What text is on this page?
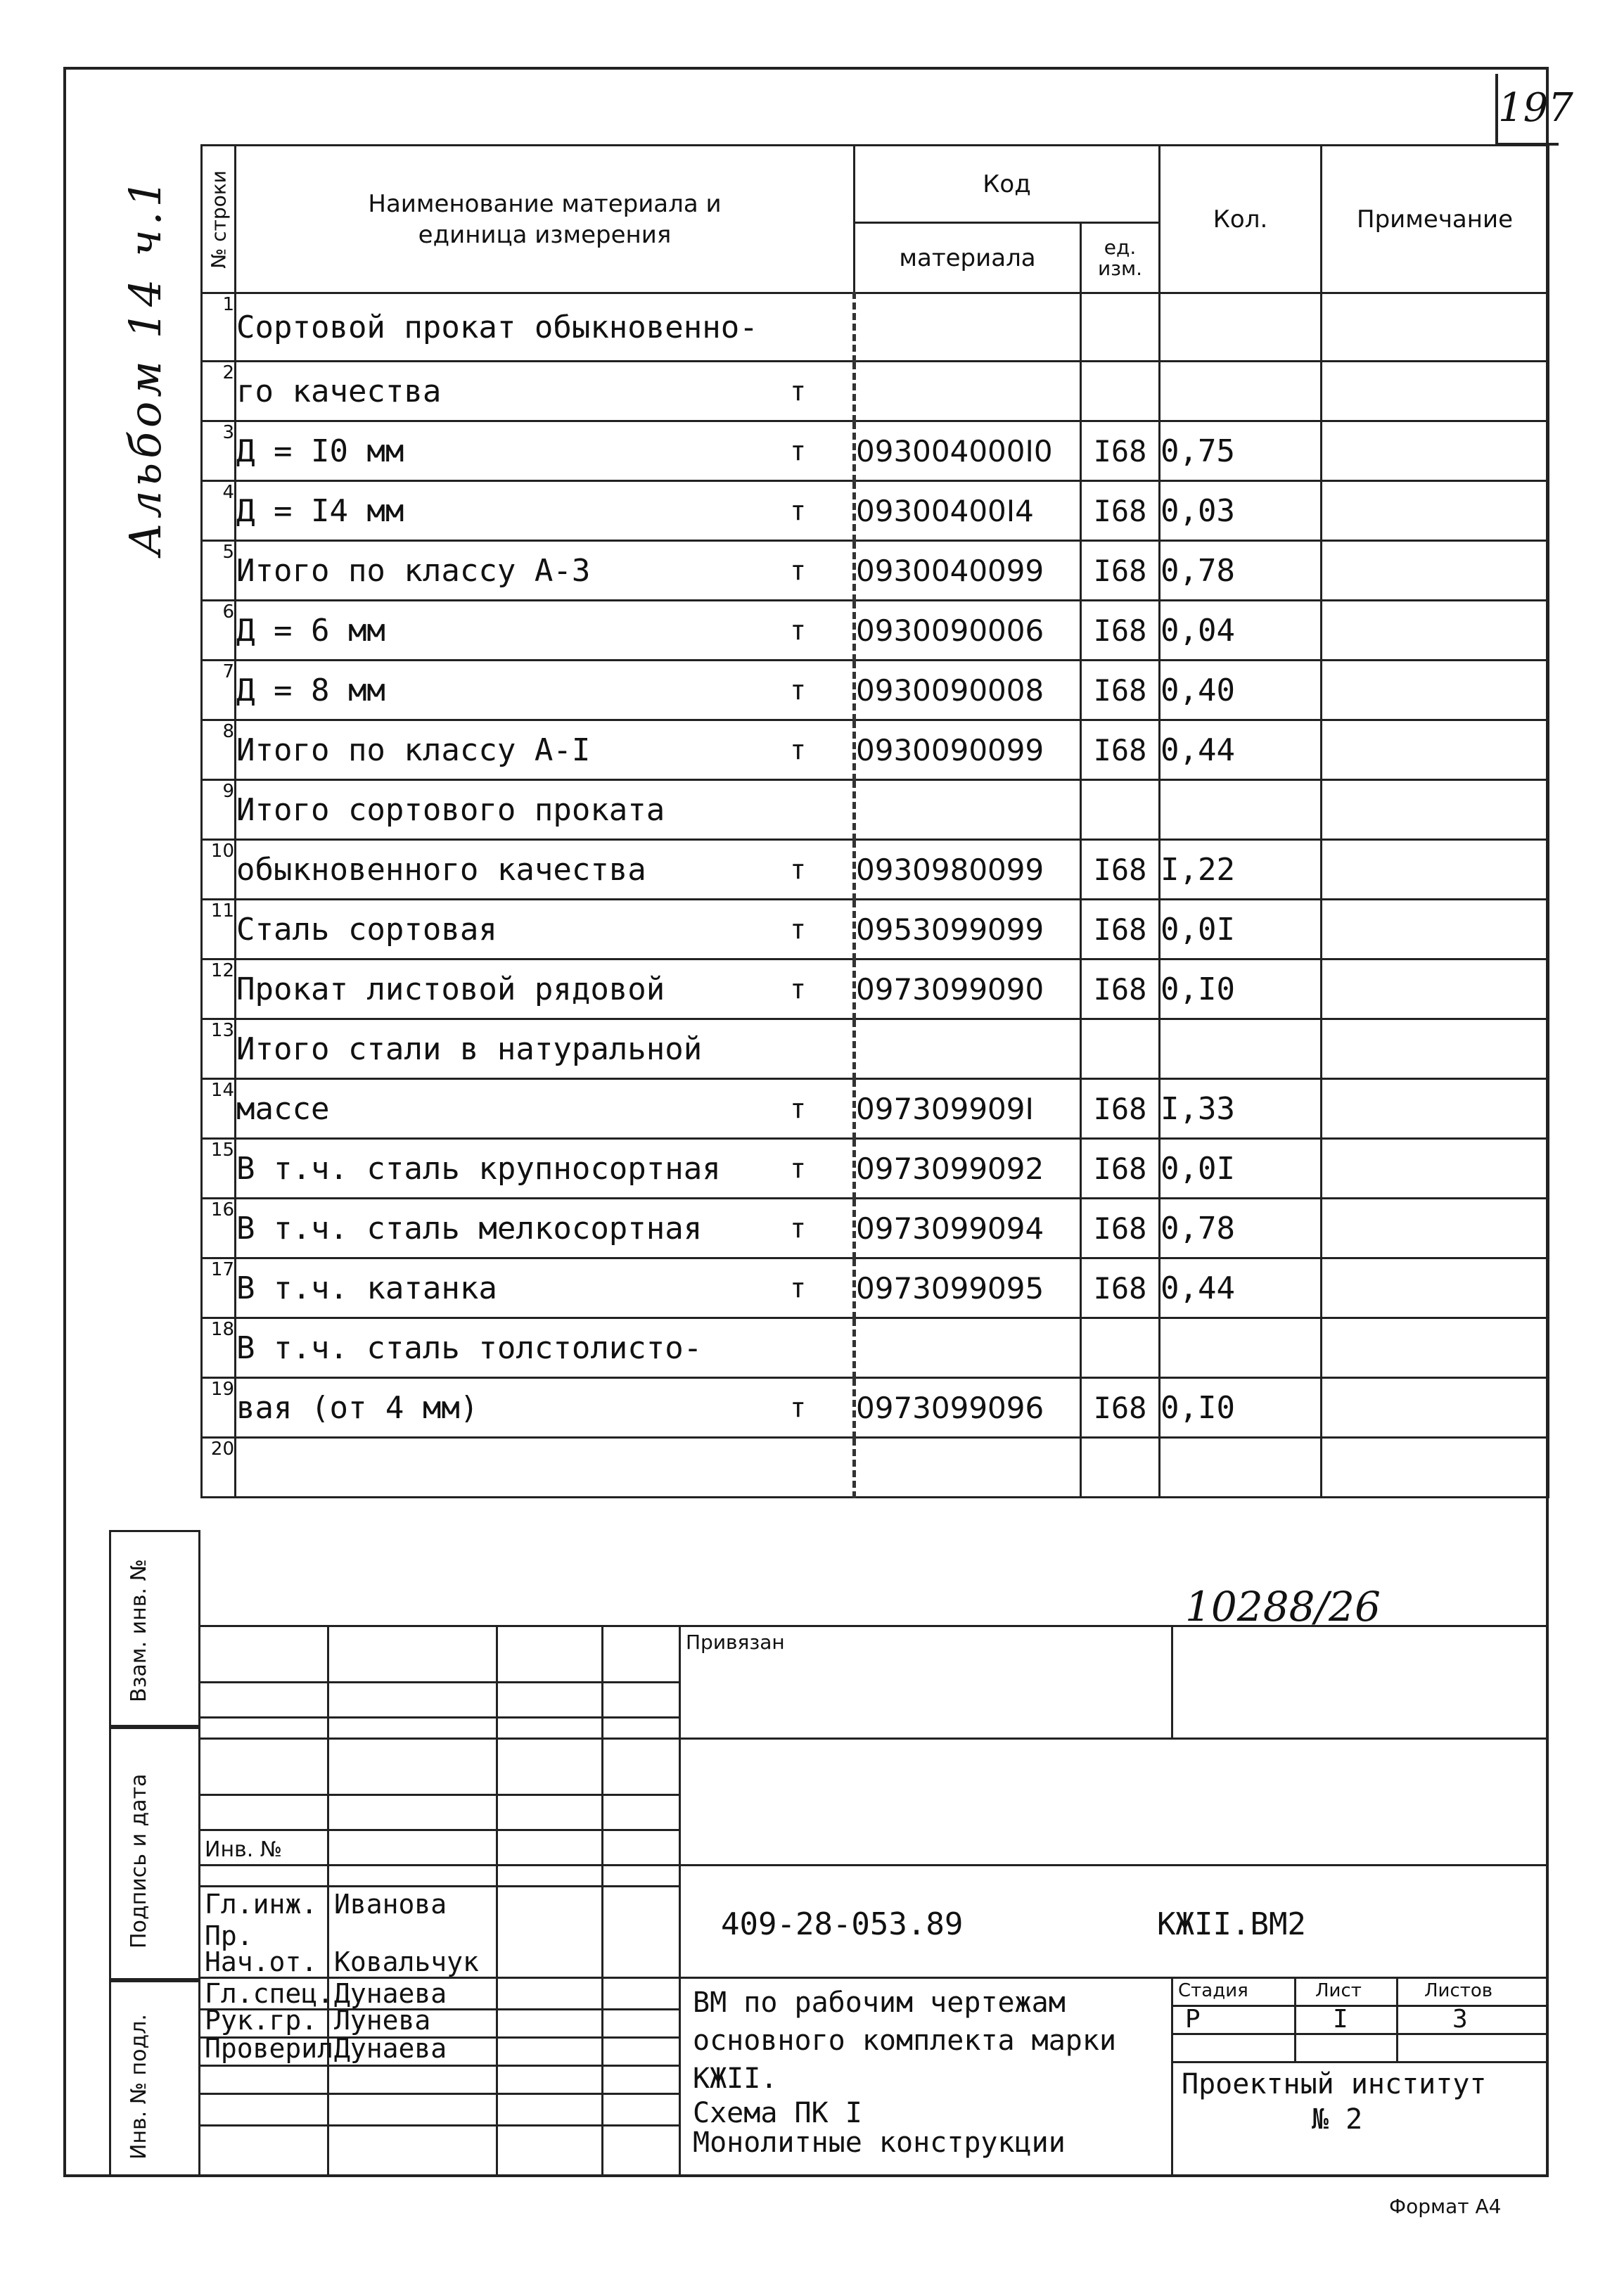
197
Альбом 14 ч.1 № строки	Наименование материала и единица измерения	Код		Кол.	Примечание
		материала	ед. изм.		

1	Сортовой прокат обыкновенно-

2	го качества т				

3	Д = I0 мм т	093004000I0	I68	0,75	
4	Д = I4 мм т	09300400I4	I68	0,03	
5	Итого по классу А-3 т	0930040099	I68	0,78	
6	Д = 6 мм т	0930090006	I68	0,04	
7	Д = 8 мм т	0930090008	I68	0,40	
8	Итого по классу А-I т	0930090099	I68	0,44	
9	Итого сортового проката

10	обыкновенного качества т	0930980099	I68	I,22	
11	Сталь сортовая т	0953099099	I68	0,0I	
12	Прокат листовой рядовой т	0973099090	I68	0,I0	
13	Итого стали в натуральной

14	массе т	097309909I	I68	I,33	
15	В т.ч. сталь крупносортная т	0973099092	I68	0,0I	
16	В т.ч. сталь мелкосортная т	0973099094	I68	0,78	
17	В т.ч. катанка т	0973099095	I68	0,44	
18	В т.ч. сталь толстолисто-

19	вая (от 4 мм) т	0973099096	I68	0,I0	
20	

Взам. инв. №
Подпись и дата
Инв. № подл.
10288/26
Привязан
Инв. №
Гл.инж. Иванова
Пр.
Нач.от. Ковальчук
Гл.спец. Дунаева
Рук.гр. Лунева
Проверил Дунаева
409-28-053.89	КЖII.ВМ2
ВМ по рабочим чертежам
основного комплекта марки
КЖII.
Схема ПК I
Монолитные конструкции
Стадия	Лист	Листов
Р	I	3
Проектный институт
№ 2
Формат А4
